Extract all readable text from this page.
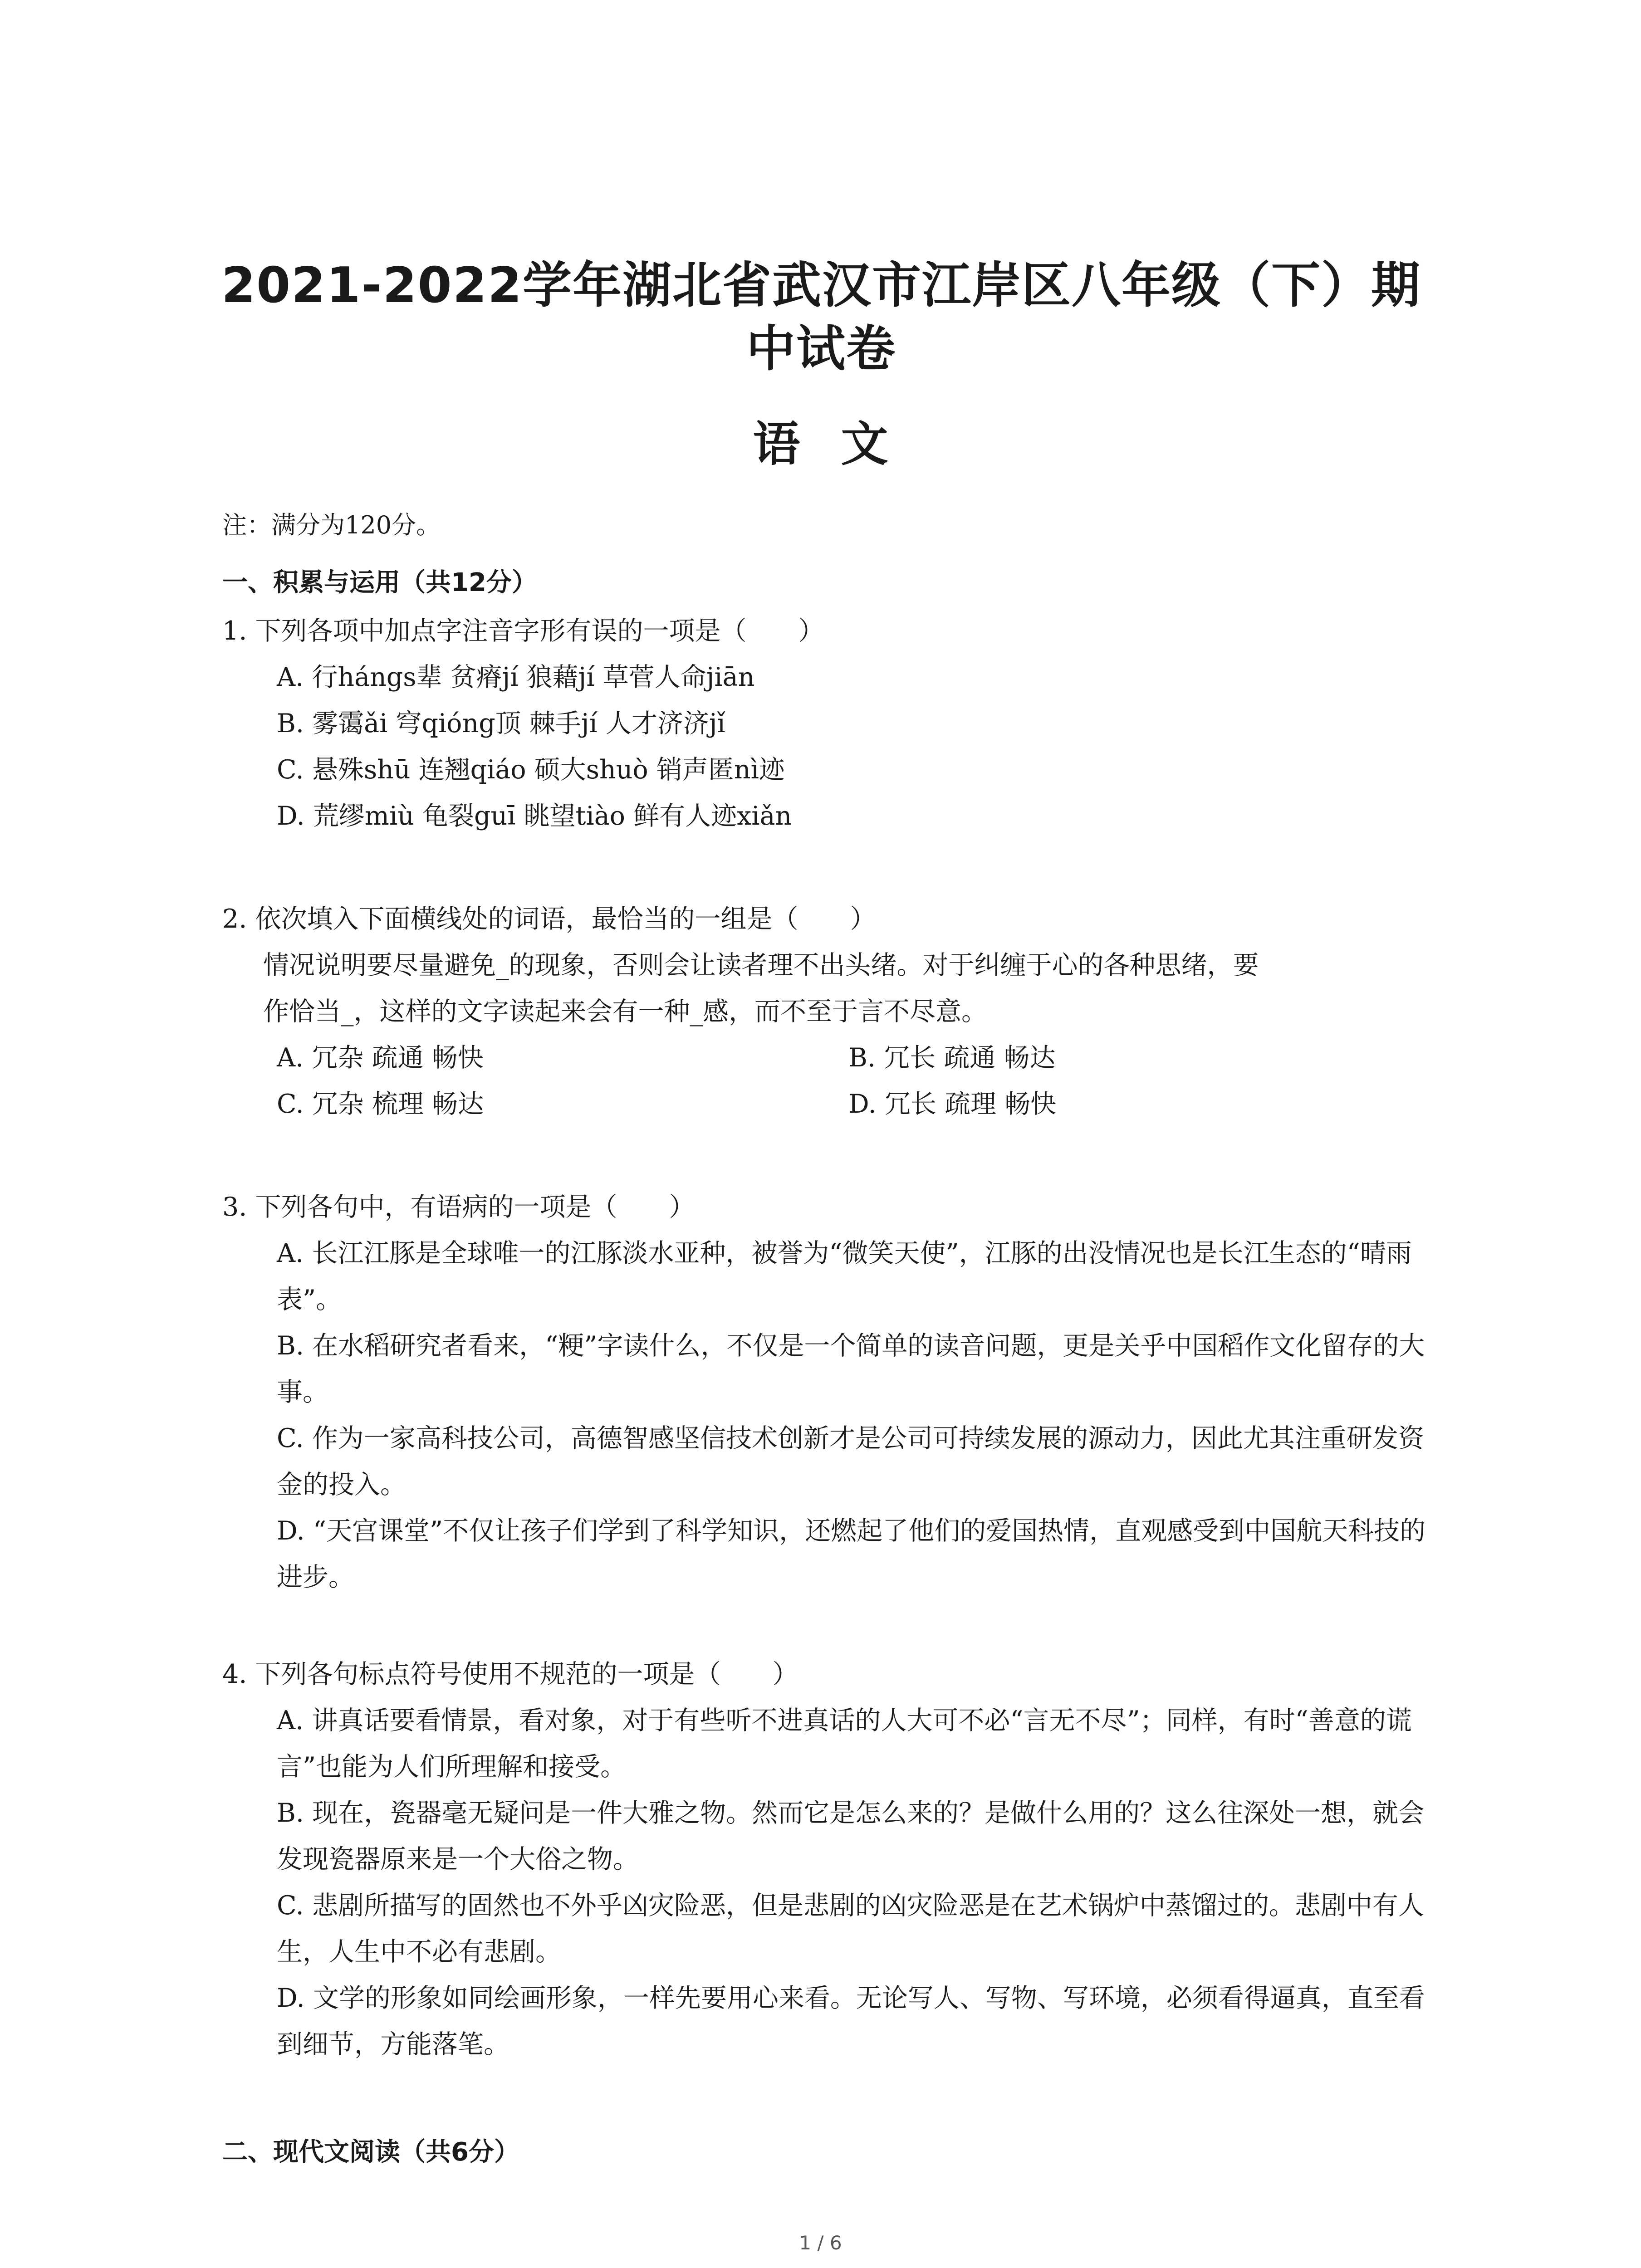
2021-2022学年湖北省武汉市江岸区八年级（下）期中试卷
语文
注：满分为120分。
一、积累与运用（共12分）
1. 下列各项中加点字注音字形有误的一项是（　　）
A. 行hángs辈 贫瘠jí 狼藉jí 草菅人命jiān
B. 雾霭ǎi 穹qióng顶 棘手jí 人才济济jǐ
C. 悬殊shū 连翘qiáo 硕大shuò 销声匿nì迹
D. 荒缪miù 龟裂guī 眺望tiào 鲜有人迹xiǎn
2. 依次填入下面横线处的词语，最恰当的一组是（　　）
情况说明要尽量避免_的现象，否则会让读者理不出头绪。对于纠缠于心的各种思绪，要
作恰当_，这样的文字读起来会有一种_感，而不至于言不尽意。
A. 冗杂 疏通 畅快	B. 冗长 疏通 畅达
C. 冗杂 梳理 畅达	D. 冗长 疏理 畅快
3. 下列各句中，有语病的一项是（　　）
A. 长江江豚是全球唯一的江豚淡水亚种，被誉为“微笑天使”，江豚的出没情况也是长江生态的“晴雨表”。
B. 在水稻研究者看来，“粳”字读什么，不仅是一个简单的读音问题，更是关乎中国稻作文化留存的大事。
C. 作为一家高科技公司，高德智感坚信技术创新才是公司可持续发展的源动力，因此尤其注重研发资金的投入。
D. “天宫课堂”不仅让孩子们学到了科学知识，还燃起了他们的爱国热情，直观感受到中国航天科技的进步。
4. 下列各句标点符号使用不规范的一项是（　　）
A. 讲真话要看情景，看对象，对于有些听不进真话的人大可不必“言无不尽”；同样，有时“善意的谎言”也能为人们所理解和接受。
B. 现在，瓷器毫无疑问是一件大雅之物。然而它是怎么来的？是做什么用的？这么往深处一想，就会发现瓷器原来是一个大俗之物。
C. 悲剧所描写的固然也不外乎凶灾险恶，但是悲剧的凶灾险恶是在艺术锅炉中蒸馏过的。悲剧中有人生，人生中不必有悲剧。
D. 文学的形象如同绘画形象，一样先要用心来看。无论写人、写物、写环境，必须看得逼真，直至看到细节，方能落笔。
二、现代文阅读（共6分）
1 / 6
